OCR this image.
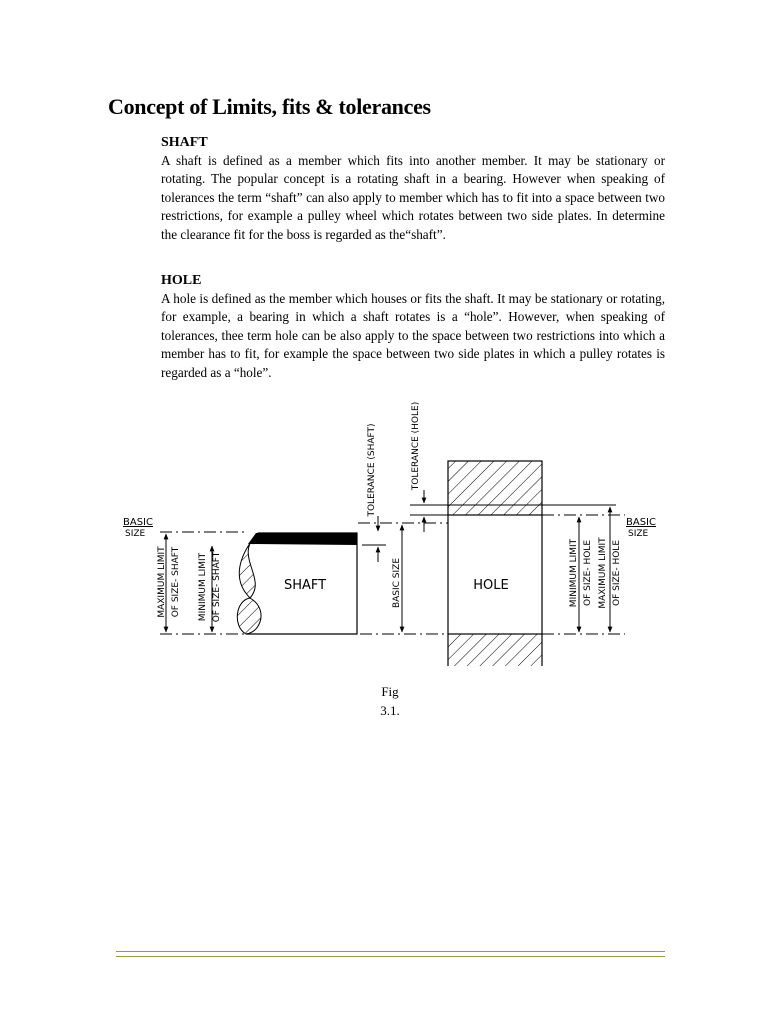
Concept of Limits, fits & tolerances
SHAFT
A shaft is defined as a member which fits into another member. It may be stationary or rotating. The popular concept is a rotating shaft in a bearing. However when speaking of tolerances the term “shaft” can also apply to member which has to fit into a space between two restrictions, for example a pulley wheel which rotates between two side plates. In determine the clearance fit for the boss is regarded as the“shaft”.
HOLE
A hole is defined as the member which houses or fits the shaft. It may be stationary or rotating, for example, a bearing in which a shaft rotates is a “hole”. However, when speaking of tolerances, thee term hole can be also apply to the space between two restrictions into which a member has to fit, for example the space between two side plates in which a pulley rotates is regarded as a “hole”.
SHAFT	HOLE
BASIC
SIZE
BASIC
SIZE
MAXIMUM LIMIT OF SIZE- SHAFT MINIMUM LIMIT OF SIZE- SHAFT
TOLERANCE (SHAFT)	TOLERANCE (HOLE)
BASIC SIZE	MINIMUM LIMIT OF SIZE- HOLE MAXIMUM LIMIT OF SIZE- HOLE
Fig
3.1.
